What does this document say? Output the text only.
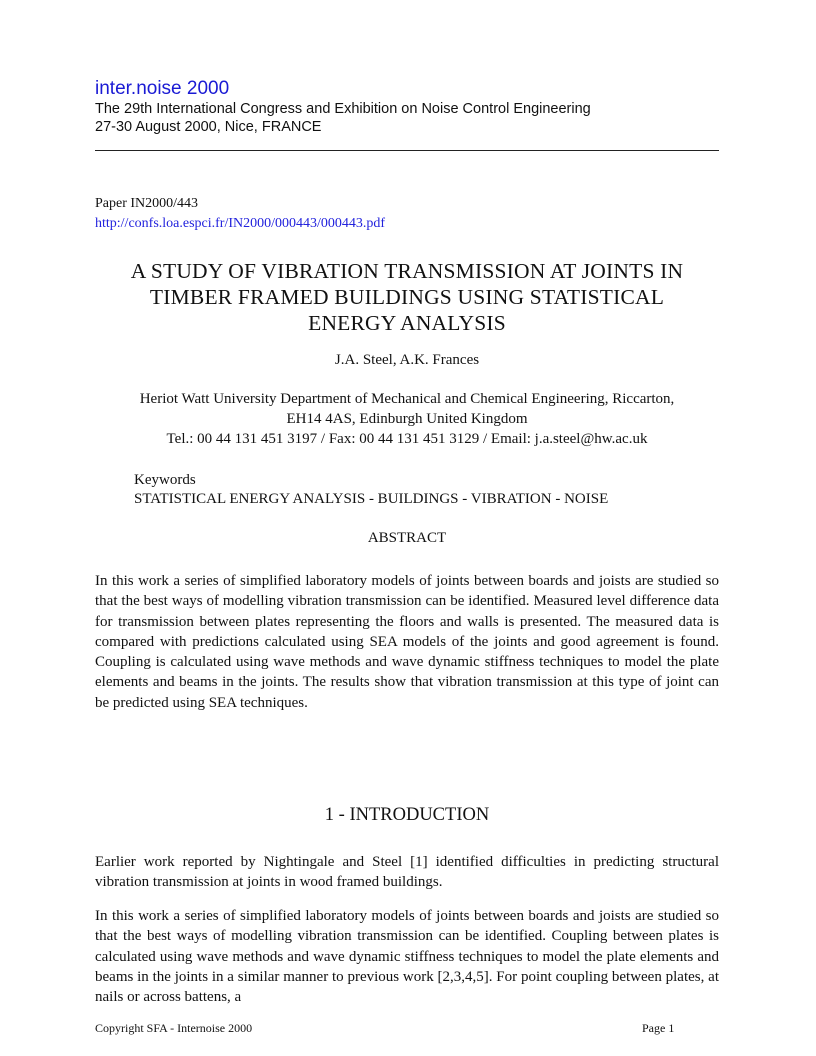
inter.noise 2000
The 29th International Congress and Exhibition on Noise Control Engineering
27-30 August 2000, Nice, FRANCE
Paper IN2000/443
http://confs.loa.espci.fr/IN2000/000443/000443.pdf
A STUDY OF VIBRATION TRANSMISSION AT JOINTS IN
TIMBER FRAMED BUILDINGS USING STATISTICAL
ENERGY ANALYSIS
J.A. Steel, A.K. Frances
Heriot Watt University Department of Mechanical and Chemical Engineering, Riccarton,
EH14 4AS, Edinburgh United Kingdom
Tel.: 00 44 131 451 3197 / Fax: 00 44 131 451 3129 / Email: j.a.steel@hw.ac.uk
Keywords
STATISTICAL ENERGY ANALYSIS - BUILDINGS - VIBRATION - NOISE
ABSTRACT
In this work a series of simplified laboratory models of joints between boards and joists are studied so that the best ways of modelling vibration transmission can be identified. Measured level difference data for transmission between plates representing the floors and walls is presented. The measured data is compared with predictions calculated using SEA models of the joints and good agreement is found. Coupling is calculated using wave methods and wave dynamic stiffness techniques to model the plate elements and beams in the joints. The results show that vibration transmission at this type of joint can be predicted using SEA techniques.
1 - INTRODUCTION
Earlier work reported by Nightingale and Steel [1] identified difficulties in predicting structural vibration transmission at joints in wood framed buildings.
In this work a series of simplified laboratory models of joints between boards and joists are studied so that the best ways of modelling vibration transmission can be identified. Coupling between plates is calculated using wave methods and wave dynamic stiffness techniques to model the plate elements and beams in the joints in a similar manner to previous work [2,3,4,5]. For point coupling between plates, at nails or across battens, a
Copyright SFA - Internoise 2000	Page 1
